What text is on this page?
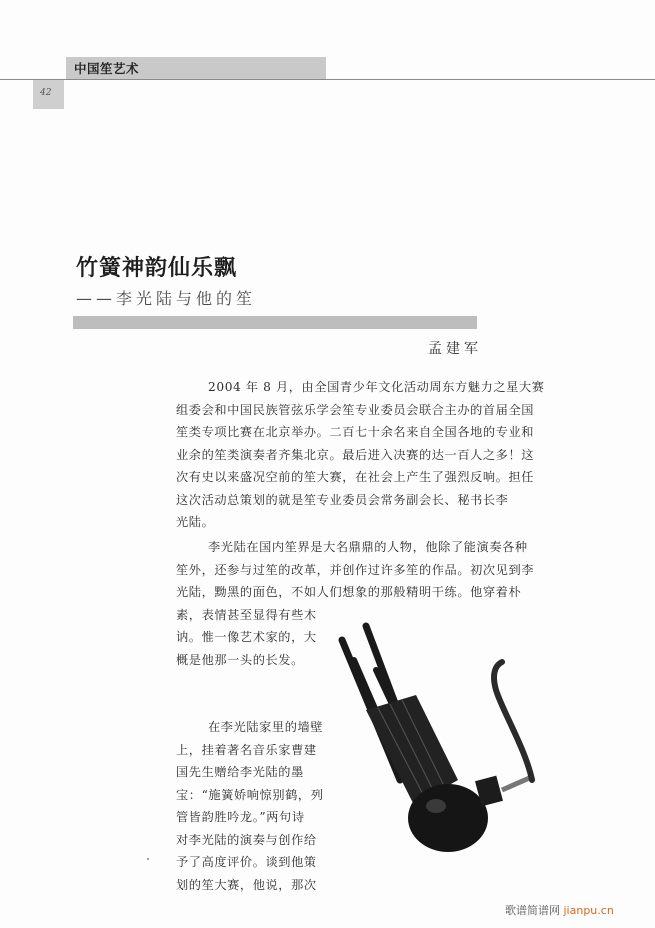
中国笙艺术
42
竹簧神韵仙乐飘
——李光陆与他的笙
孟建军
2004 年 8 月，由全国青少年文化活动周东方魅力之星大赛
组委会和中国民族管弦乐学会笙专业委员会联合主办的首届全国
笙类专项比赛在北京举办。二百七十余名来自全国各地的专业和
业余的笙类演奏者齐集北京。最后进入决赛的达一百人之多！这
次有史以来盛况空前的笙大赛，在社会上产生了强烈反响。担任
这次活动总策划的就是笙专业委员会常务副会长、秘书长李
光陆。
李光陆在国内笙界是大名鼎鼎的人物，他除了能演奏各种
笙外，还参与过笙的改革，并创作过许多笙的作品。初次见到李
光陆，黝黑的面色，不如人们想象的那般精明干练。他穿着朴
素，表情甚至显得有些木
讷。惟一像艺术家的，大
概是他那一头的长发。
在李光陆家里的墙壁
上，挂着著名音乐家曹建
国先生赠给李光陆的墨
宝：“施簧娇响惊别鹤，列
管皆韵胜吟龙。”两句诗
对李光陆的演奏与创作给
予了高度评价。谈到他策
划的笙大赛，他说，那次
歌谱简谱网 jianpu.cn
